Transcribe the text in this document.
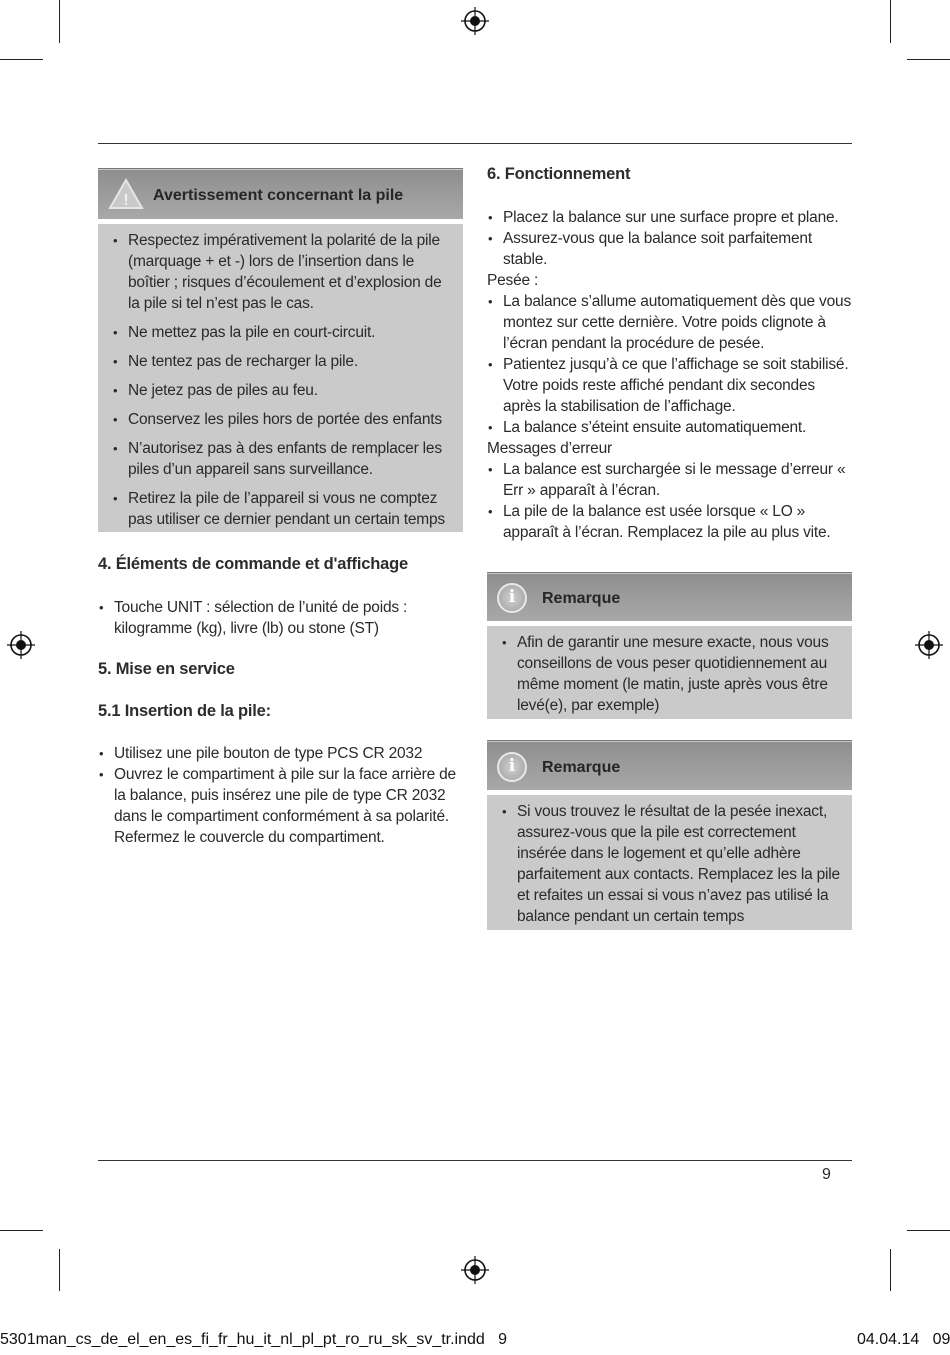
! Avertissement concernant la pile
• Respectez impérativement la polarité de la pile (marquage + et -) lors de l’insertion dans le boîtier ; risques d’écoulement et d’explosion de la pile si tel n’est pas le cas.
• Ne mettez pas la pile en court-circuit.
• Ne tentez pas de recharger la pile.
• Ne jetez pas de piles au feu.
• Conservez les piles hors de portée des enfants
• N’autorisez pas à des enfants de remplacer les piles d’un appareil sans surveillance.
• Retirez la pile de l’appareil si vous ne comptez pas utiliser ce dernier pendant un certain temps
4. Éléments de commande et d'affichage
• Touche UNIT : sélection de l’unité de poids : kilogramme (kg), livre (lb) ou stone (ST)
5. Mise en service
5.1 Insertion de la pile:
• Utilisez une pile bouton de type PCS CR 2032
• Ouvrez le compartiment à pile sur la face arrière de la balance, puis insérez une pile de type CR 2032 dans le compartiment conformément à sa polarité. Refermez le couvercle du compartiment.
6. Fonctionnement
• Placez la balance sur une surface propre et plane.
• Assurez-vous que la balance soit parfaitement stable.
Pesée :
• La balance s’allume automatiquement dès que vous montez sur cette dernière. Votre poids clignote à l’écran pendant la procédure de pesée.
• Patientez jusqu’à ce que l’affichage se soit stabilisé. Votre poids reste affiché pendant dix secondes après la stabilisation de l’affichage.
• La balance s’éteint ensuite automatiquement.
Messages d’erreur
• La balance est surchargée si le message d’erreur « Err » apparaît à l’écran.
• La pile de la balance est usée lorsque « LO » apparaît à l’écran. Remplacez la pile au plus vite.
i	Remarque
• Afin de garantir une mesure exacte, nous vous conseillons de vous peser quotidiennement au même moment (le matin, juste après vous être levé(e), par exemple)
i	Remarque
• Si vous trouvez le résultat de la pesée inexact, assurez-vous que la pile est correctement insérée dans le logement et qu’elle adhère parfaitement aux contacts. Remplacez les la pile et refaites un essai si vous n’avez pas utilisé la balance pendant un certain temps
9
5301man_cs_de_el_en_es_fi_fr_hu_it_nl_pl_pt_ro_ru_sk_sv_tr.indd   9	04.04.14   09
